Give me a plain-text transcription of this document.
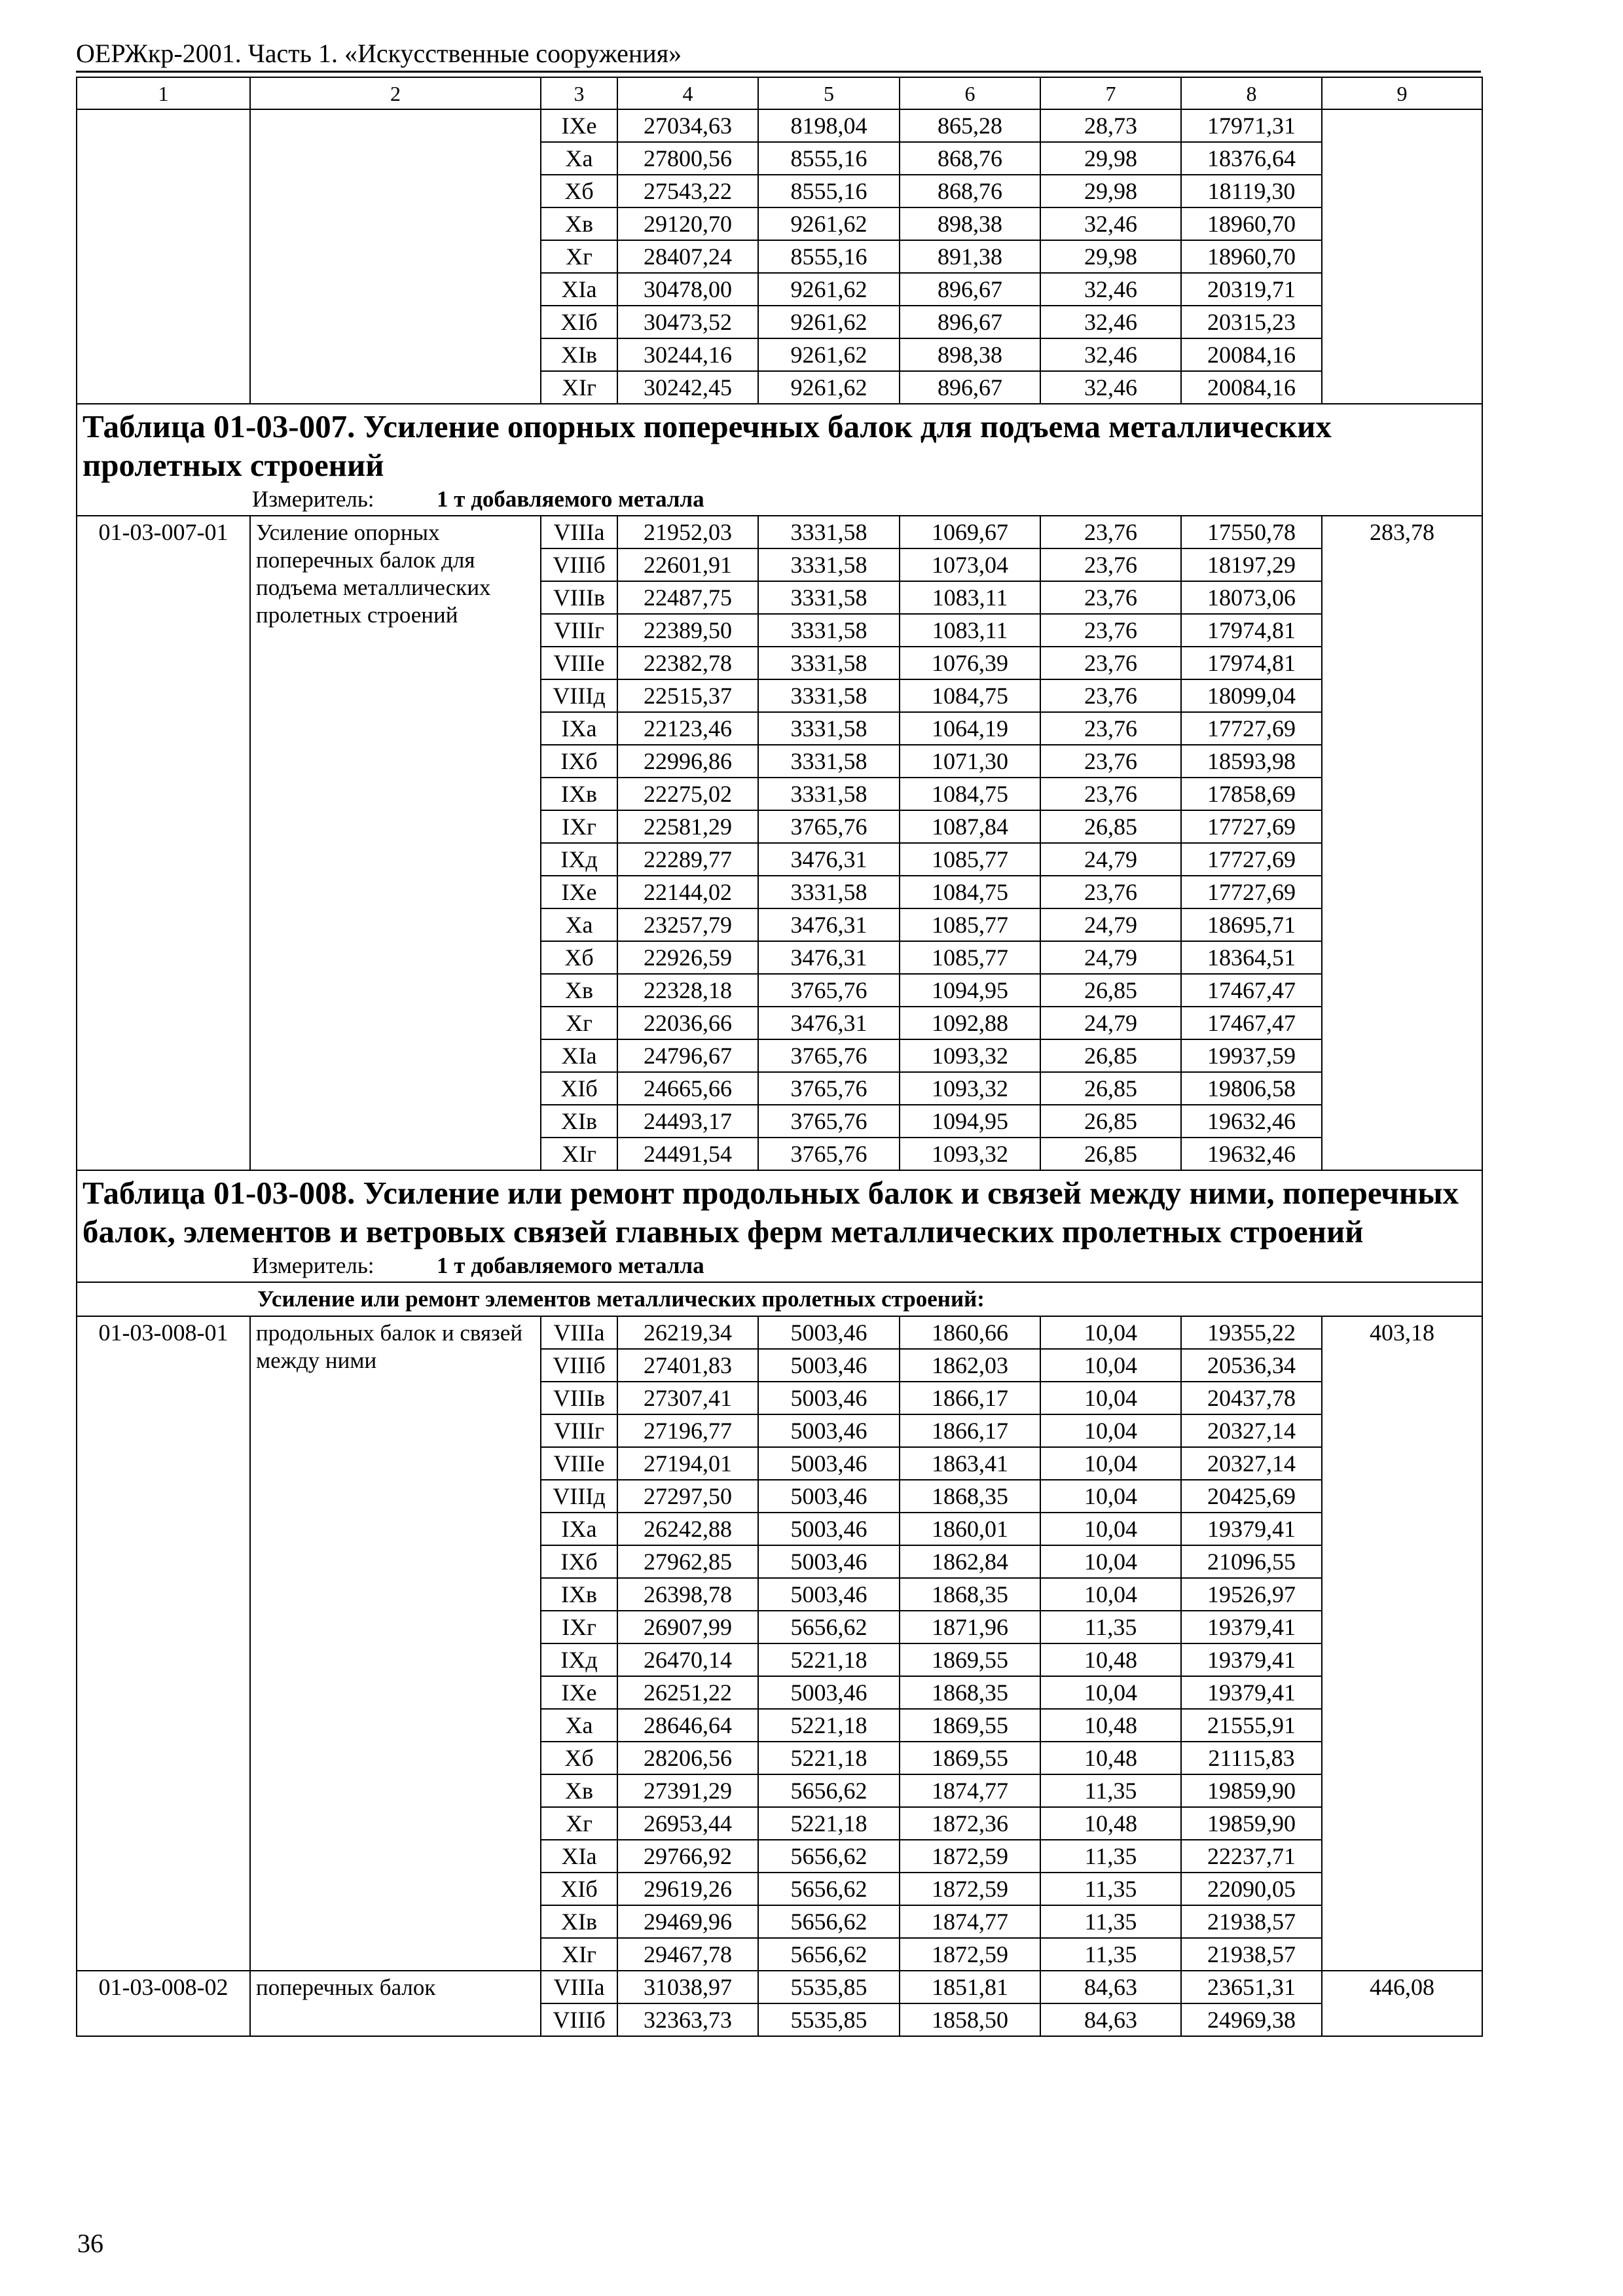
ОЕРЖкр-2001. Часть 1. «Искусственные сооружения»
1	2	3	4	5	6	7	8	9
		IXе	27034,63	8198,04	865,28	28,73	17971,31	
		Xа	27800,56	8555,16	868,76	29,98	18376,64	
		Xб	27543,22	8555,16	868,76	29,98	18119,30	
		Xв	29120,70	9261,62	898,38	32,46	18960,70	
		Xг	28407,24	8555,16	891,38	29,98	18960,70	
		XIа	30478,00	9261,62	896,67	32,46	20319,71	
		XIб	30473,52	9261,62	896,67	32,46	20315,23	
		XIв	30244,16	9261,62	898,38	32,46	20084,16	
		XIг	30242,45	9261,62	896,67	32,46	20084,16	
Таблица 01-03-007. Усиление опорных поперечных балок для подъема металлических пролетных строений								
Измеритель: 1 т добавляемого металла								
01-03-007-01	Усиление опорных поперечных балок для подъема металлических пролетных строений	VIIIа	21952,03	3331,58	1069,67	23,76	17550,78	283,78
		VIIIб	22601,91	3331,58	1073,04	23,76	18197,29	
		VIIIв	22487,75	3331,58	1083,11	23,76	18073,06	
		VIIIг	22389,50	3331,58	1083,11	23,76	17974,81	
		VIIIе	22382,78	3331,58	1076,39	23,76	17974,81	
		VIIIд	22515,37	3331,58	1084,75	23,76	18099,04	
		IXа	22123,46	3331,58	1064,19	23,76	17727,69	
		IXб	22996,86	3331,58	1071,30	23,76	18593,98	
		IXв	22275,02	3331,58	1084,75	23,76	17858,69	
		IXг	22581,29	3765,76	1087,84	26,85	17727,69	
		IXд	22289,77	3476,31	1085,77	24,79	17727,69	
		IXе	22144,02	3331,58	1084,75	23,76	17727,69	
		Xа	23257,79	3476,31	1085,77	24,79	18695,71	
		Xб	22926,59	3476,31	1085,77	24,79	18364,51	
		Xв	22328,18	3765,76	1094,95	26,85	17467,47	
		Xг	22036,66	3476,31	1092,88	24,79	17467,47	
		XIа	24796,67	3765,76	1093,32	26,85	19937,59	
		XIб	24665,66	3765,76	1093,32	26,85	19806,58	
		XIв	24493,17	3765,76	1094,95	26,85	19632,46	
		XIг	24491,54	3765,76	1093,32	26,85	19632,46	
Таблица 01-03-008. Усиление или ремонт продольных балок и связей между ними, поперечных балок, элементов и ветровых связей главных ферм металлических пролетных строений								
Измеритель: 1 т добавляемого металла								
Усиление или ремонт элементов металлических пролетных строений:								
01-03-008-01	продольных балок и связей между ними	VIIIа	26219,34	5003,46	1860,66	10,04	19355,22	403,18
		VIIIб	27401,83	5003,46	1862,03	10,04	20536,34	
		VIIIв	27307,41	5003,46	1866,17	10,04	20437,78	
		VIIIг	27196,77	5003,46	1866,17	10,04	20327,14	
		VIIIе	27194,01	5003,46	1863,41	10,04	20327,14	
		VIIIд	27297,50	5003,46	1868,35	10,04	20425,69	
		IXа	26242,88	5003,46	1860,01	10,04	19379,41	
		IXб	27962,85	5003,46	1862,84	10,04	21096,55	
		IXв	26398,78	5003,46	1868,35	10,04	19526,97	
		IXг	26907,99	5656,62	1871,96	11,35	19379,41	
		IXд	26470,14	5221,18	1869,55	10,48	19379,41	
		IXе	26251,22	5003,46	1868,35	10,04	19379,41	
		Xа	28646,64	5221,18	1869,55	10,48	21555,91	
		Xб	28206,56	5221,18	1869,55	10,48	21115,83	
		Xв	27391,29	5656,62	1874,77	11,35	19859,90	
		Xг	26953,44	5221,18	1872,36	10,48	19859,90	
		XIа	29766,92	5656,62	1872,59	11,35	22237,71	
		XIб	29619,26	5656,62	1872,59	11,35	22090,05	
		XIв	29469,96	5656,62	1874,77	11,35	21938,57	
		XIг	29467,78	5656,62	1872,59	11,35	21938,57	
01-03-008-02	поперечных балок	VIIIа	31038,97	5535,85	1851,81	84,63	23651,31	446,08
		VIIIб	32363,73	5535,85	1858,50	84,63	24969,38	
36
